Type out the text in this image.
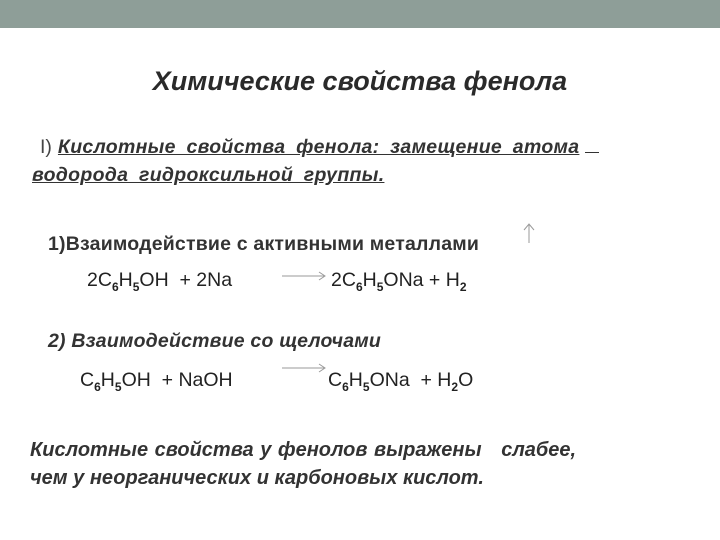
Химические свойства фенола
I) Кислотные свойства фенола: замещение атома
водорода гидроксильной группы.
1)Взаимодействие с активными металлами
$2C_6H_5OH + 2Na$	→ $2C_6H_5ONa + H_2$
2) Взаимодействие со щелочами
$C_6H_5OH$  + NaOH	$C_6H_5ONa + H_2O$
Кислотные свойства у фенолов выражены   слабее,
чем у неорганических и карбоновых кислот.
